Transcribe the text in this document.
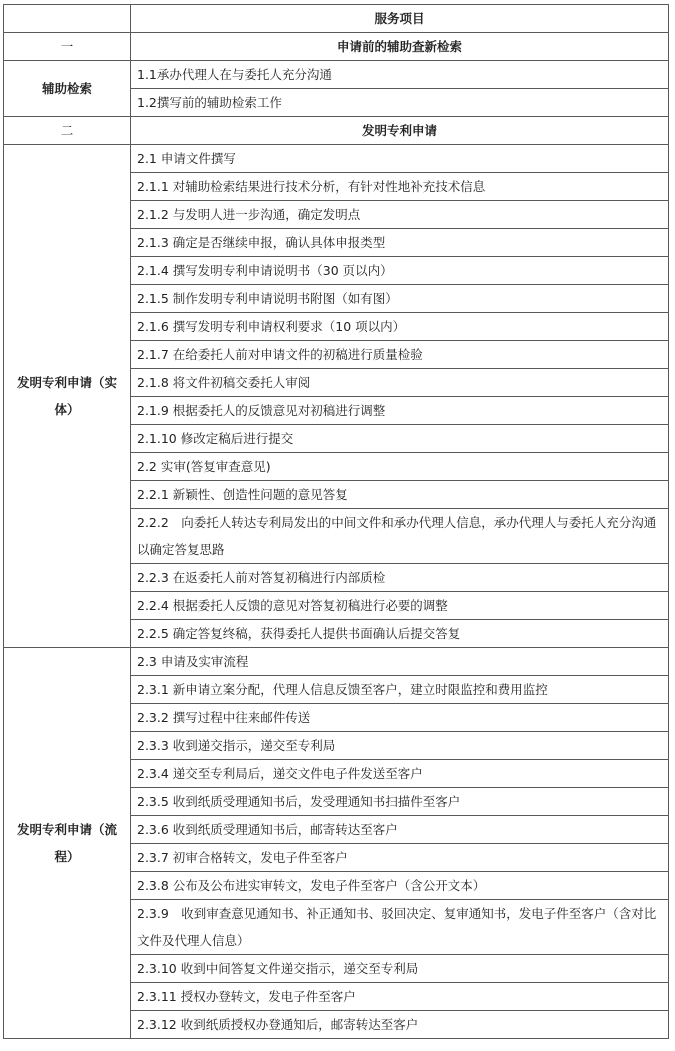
	服务项目
一	申请前的辅助查新检索
辅助检索	1.1承办代理人在与委托人充分沟通
	1.2撰写前的辅助检索工作
二	发明专利申请
发明专利申请（实体）	2.1 申请文件撰写
	2.1.1 对辅助检索结果进行技术分析，有针对性地补充技术信息
	2.1.2 与发明人进一步沟通，确定发明点
	2.1.3 确定是否继续申报，确认具体申报类型
	2.1.4 撰写发明专利申请说明书（30 页以内）
	2.1.5 制作发明专利申请说明书附图（如有图）
	2.1.6 撰写发明专利申请权利要求（10 项以内）
	2.1.7 在给委托人前对申请文件的初稿进行质量检验
	2.1.8 将文件初稿交委托人审阅
	2.1.9 根据委托人的反馈意见对初稿进行调整
	2.1.10 修改定稿后进行提交
	2.2 实审(答复审查意见)
	2.2.1 新颖性、创造性问题的意见答复
	2.2.2　向委托人转达专利局发出的中间文件和承办代理人信息，承办代理人与委托人充分沟通以确定答复思路
	2.2.3 在返委托人前对答复初稿进行内部质检
	2.2.4 根据委托人反馈的意见对答复初稿进行必要的调整
	2.2.5 确定答复终稿，获得委托人提供书面确认后提交答复
发明专利申请（流程）	2.3 申请及实审流程
	2.3.1 新申请立案分配，代理人信息反馈至客户，建立时限监控和费用监控
	2.3.2 撰写过程中往来邮件传送
	2.3.3 收到递交指示，递交至专利局
	2.3.4 递交至专利局后，递交文件电子件发送至客户
	2.3.5 收到纸质受理通知书后，发受理通知书扫描件至客户
	2.3.6 收到纸质受理通知书后，邮寄转达至客户
	2.3.7 初审合格转文，发电子件至客户
	2.3.8 公布及公布进实审转文，发电子件至客户（含公开文本）
	2.3.9　收到审查意见通知书、补正通知书、驳回决定、复审通知书，发电子件至客户（含对比文件及代理人信息）
	2.3.10 收到中间答复文件递交指示，递交至专利局
	2.3.11 授权办登转文，发电子件至客户
	2.3.12 收到纸质授权办登通知后，邮寄转达至客户
